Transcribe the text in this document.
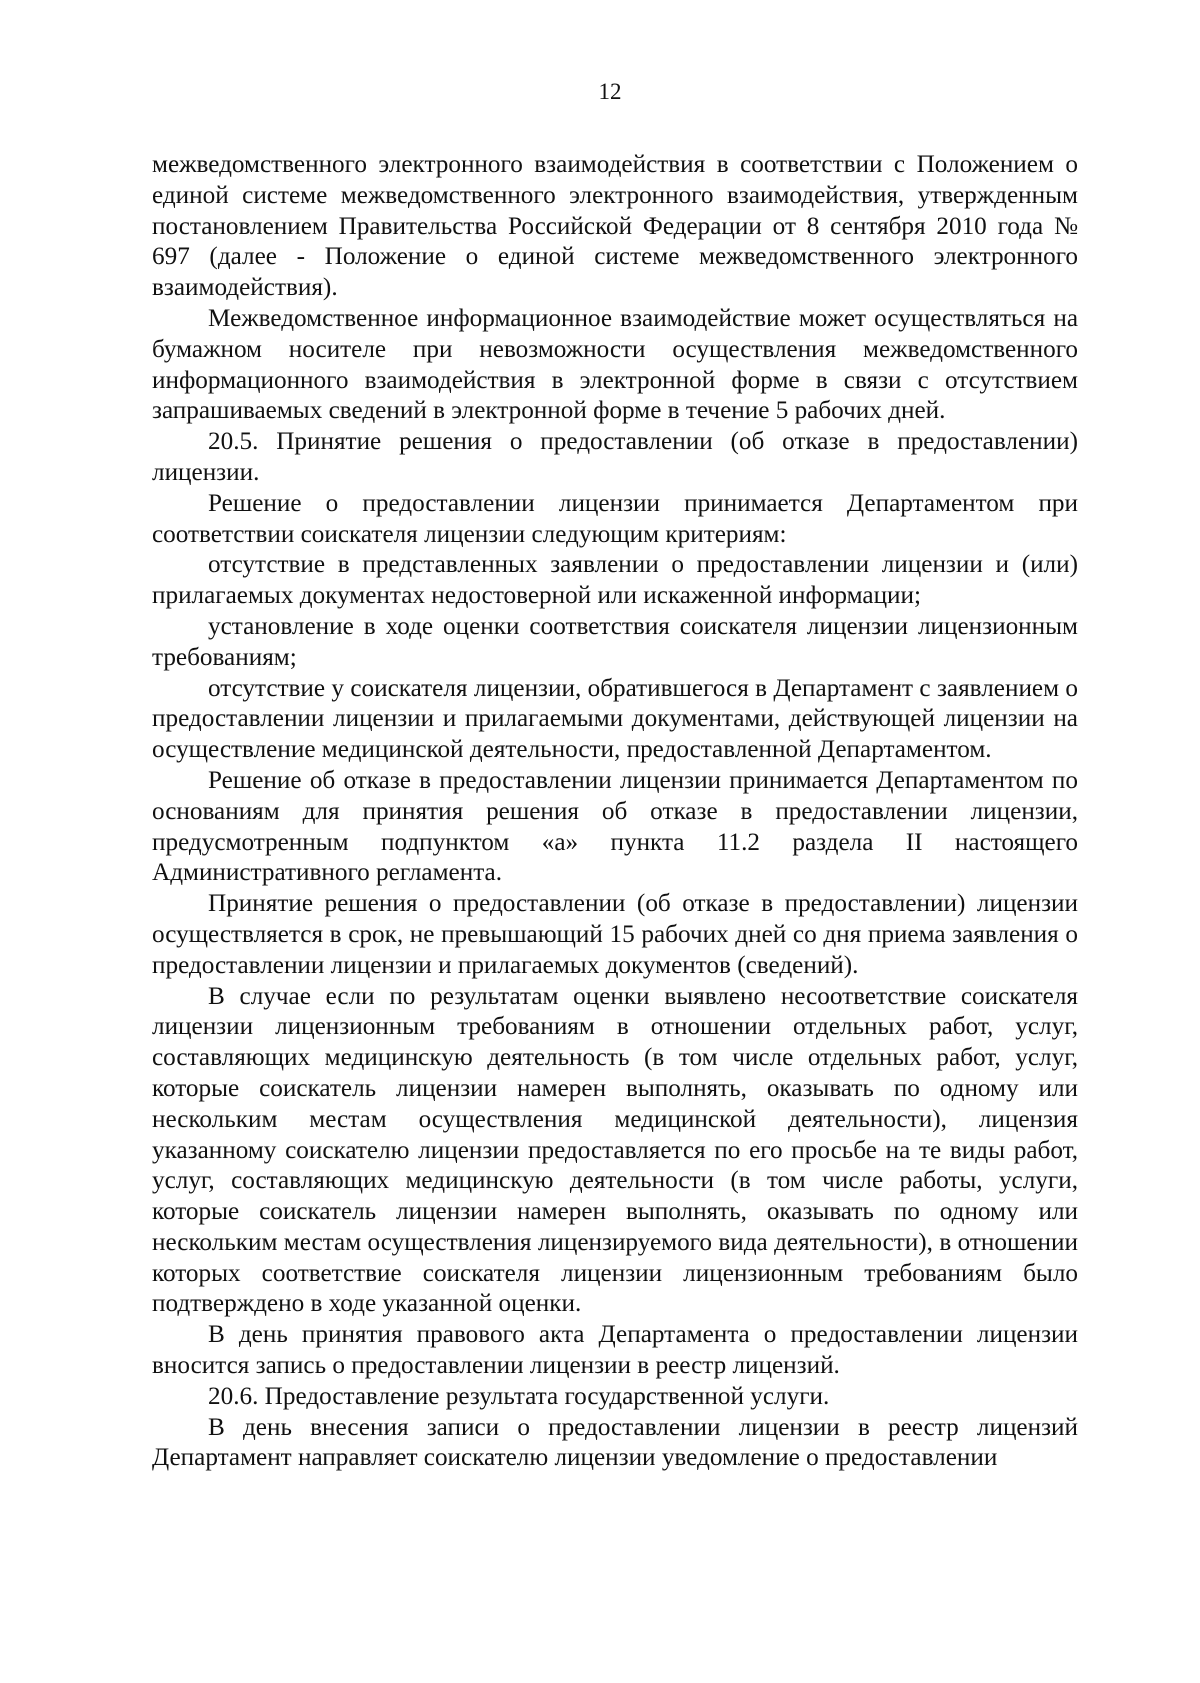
12

межведомственного электронного взаимодействия в соответствии с Положением о единой системе межведомственного электронного взаимодействия, утвержденным постановлением Правительства Российской Федерации от 8 сентября 2010 года № 697 (далее - Положение о единой системе межведомственного электронного взаимодействия).

Межведомственное информационное взаимодействие может осуществляться на бумажном носителе при невозможности осуществления межведомственного информационного взаимодействия в электронной форме в связи с отсутствием запрашиваемых сведений в электронной форме в течение 5 рабочих дней.

20.5. Принятие решения о предоставлении (об отказе в предоставлении) лицензии.

Решение о предоставлении лицензии принимается Департаментом при соответствии соискателя лицензии следующим критериям:

отсутствие в представленных заявлении о предоставлении лицензии и (или) прилагаемых документах недостоверной или искаженной информации;

установление в ходе оценки соответствия соискателя лицензии лицензионным требованиям;

отсутствие у соискателя лицензии, обратившегося в Департамент с заявлением о предоставлении лицензии и прилагаемыми документами, действующей лицензии на осуществление медицинской деятельности, предоставленной Департаментом.

Решение об отказе в предоставлении лицензии принимается Департаментом по основаниям для принятия решения об отказе в предоставлении лицензии, предусмотренным подпунктом «а» пункта 11.2 раздела II настоящего Административного регламента.

Принятие решения о предоставлении (об отказе в предоставлении) лицензии осуществляется в срок, не превышающий 15 рабочих дней со дня приема заявления о предоставлении лицензии и прилагаемых документов (сведений).

В случае если по результатам оценки выявлено несоответствие соискателя лицензии лицензионным требованиям в отношении отдельных работ, услуг, составляющих медицинскую деятельность (в том числе отдельных работ, услуг, которые соискатель лицензии намерен выполнять, оказывать по одному или нескольким местам осуществления медицинской деятельности), лицензия указанному соискателю лицензии предоставляется по его просьбе на те виды работ, услуг, составляющих медицинскую деятельности (в том числе работы, услуги, которые соискатель лицензии намерен выполнять, оказывать по одному или нескольким местам осуществления лицензируемого вида деятельности), в отношении которых соответствие соискателя лицензии лицензионным требованиям было подтверждено в ходе указанной оценки.

В день принятия правового акта Департамента о предоставлении лицензии вносится запись о предоставлении лицензии в реестр лицензий.

20.6. Предоставление результата государственной услуги.

В день внесения записи о предоставлении лицензии в реестр лицензий Департамент направляет соискателю лицензии уведомление о предоставлении
